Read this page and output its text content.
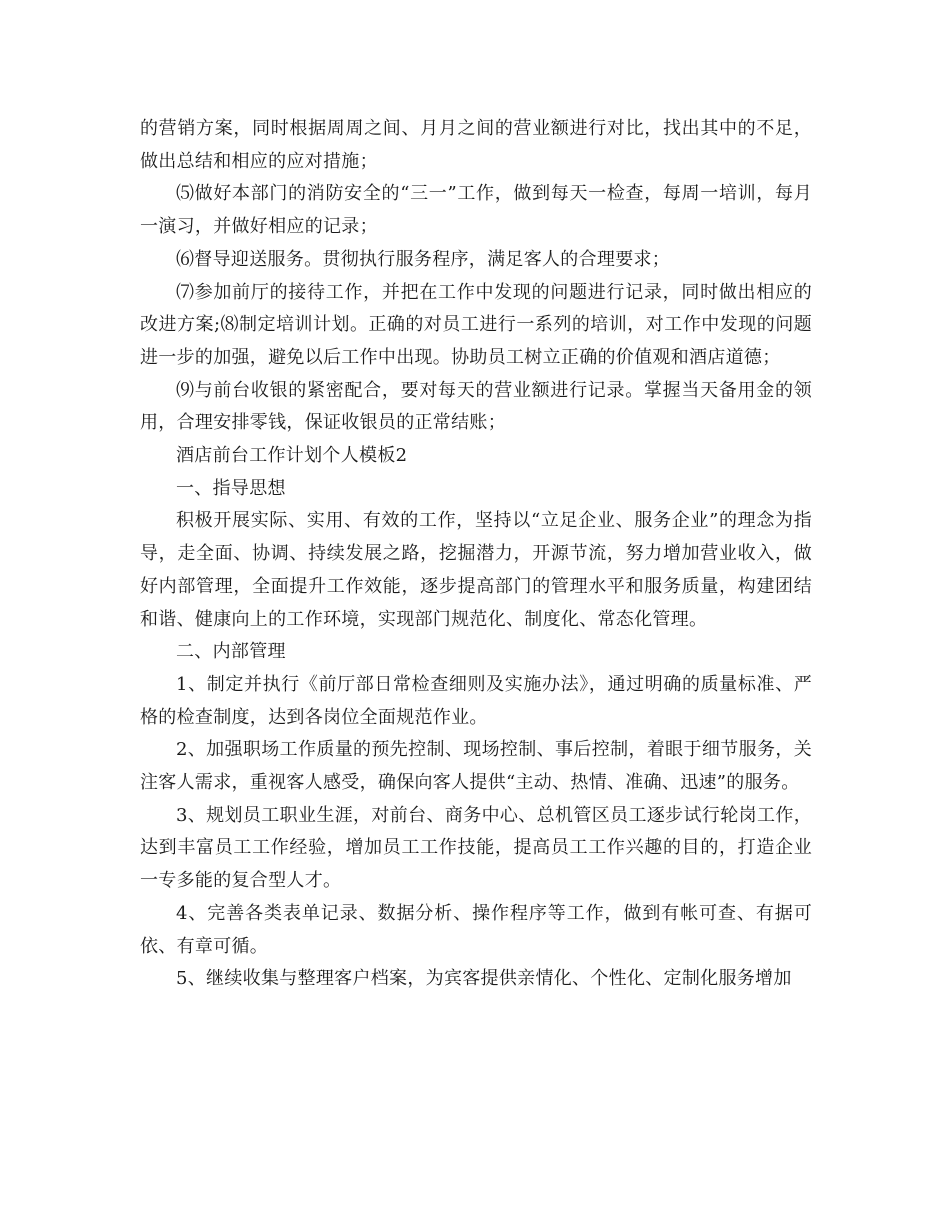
的营销方案，同时根据周周之间、月月之间的营业额进行对比，找出其中的不足，做出总结和相应的应对措施；

⑸做好本部门的消防安全的“三一”工作，做到每天一检查，每周一培训，每月一演习，并做好相应的记录；

⑹督导迎送服务。贯彻执行服务程序，满足客人的合理要求；

⑺参加前厅的接待工作，并把在工作中发现的问题进行记录，同时做出相应的改进方案;⑻制定培训计划。正确的对员工进行一系列的培训，对工作中发现的问题进一步的加强，避免以后工作中出现。协助员工树立正确的价值观和酒店道德；

⑼与前台收银的紧密配合，要对每天的营业额进行记录。掌握当天备用金的领用，合理安排零钱，保证收银员的正常结账；

酒店前台工作计划个人模板2

一、指导思想

积极开展实际、实用、有效的工作，坚持以“立足企业、服务企业”的理念为指导，走全面、协调、持续发展之路，挖掘潜力，开源节流，努力增加营业收入，做好内部管理，全面提升工作效能，逐步提高部门的管理水平和服务质量，构建团结和谐、健康向上的工作环境，实现部门规范化、制度化、常态化管理。

二、内部管理

1、制定并执行《前厅部日常检查细则及实施办法》，通过明确的质量标准、严格的检查制度，达到各岗位全面规范作业。

2、加强职场工作质量的预先控制、现场控制、事后控制，着眼于细节服务，关注客人需求，重视客人感受，确保向客人提供“主动、热情、准确、迅速”的服务。

3、规划员工职业生涯，对前台、商务中心、总机管区员工逐步试行轮岗工作，达到丰富员工工作经验，增加员工工作技能，提高员工工作兴趣的目的，打造企业一专多能的复合型人才。

4、完善各类表单记录、数据分析、操作程序等工作，做到有帐可查、有据可依、有章可循。

5、继续收集与整理客户档案，为宾客提供亲情化、个性化、定制化服务增加
